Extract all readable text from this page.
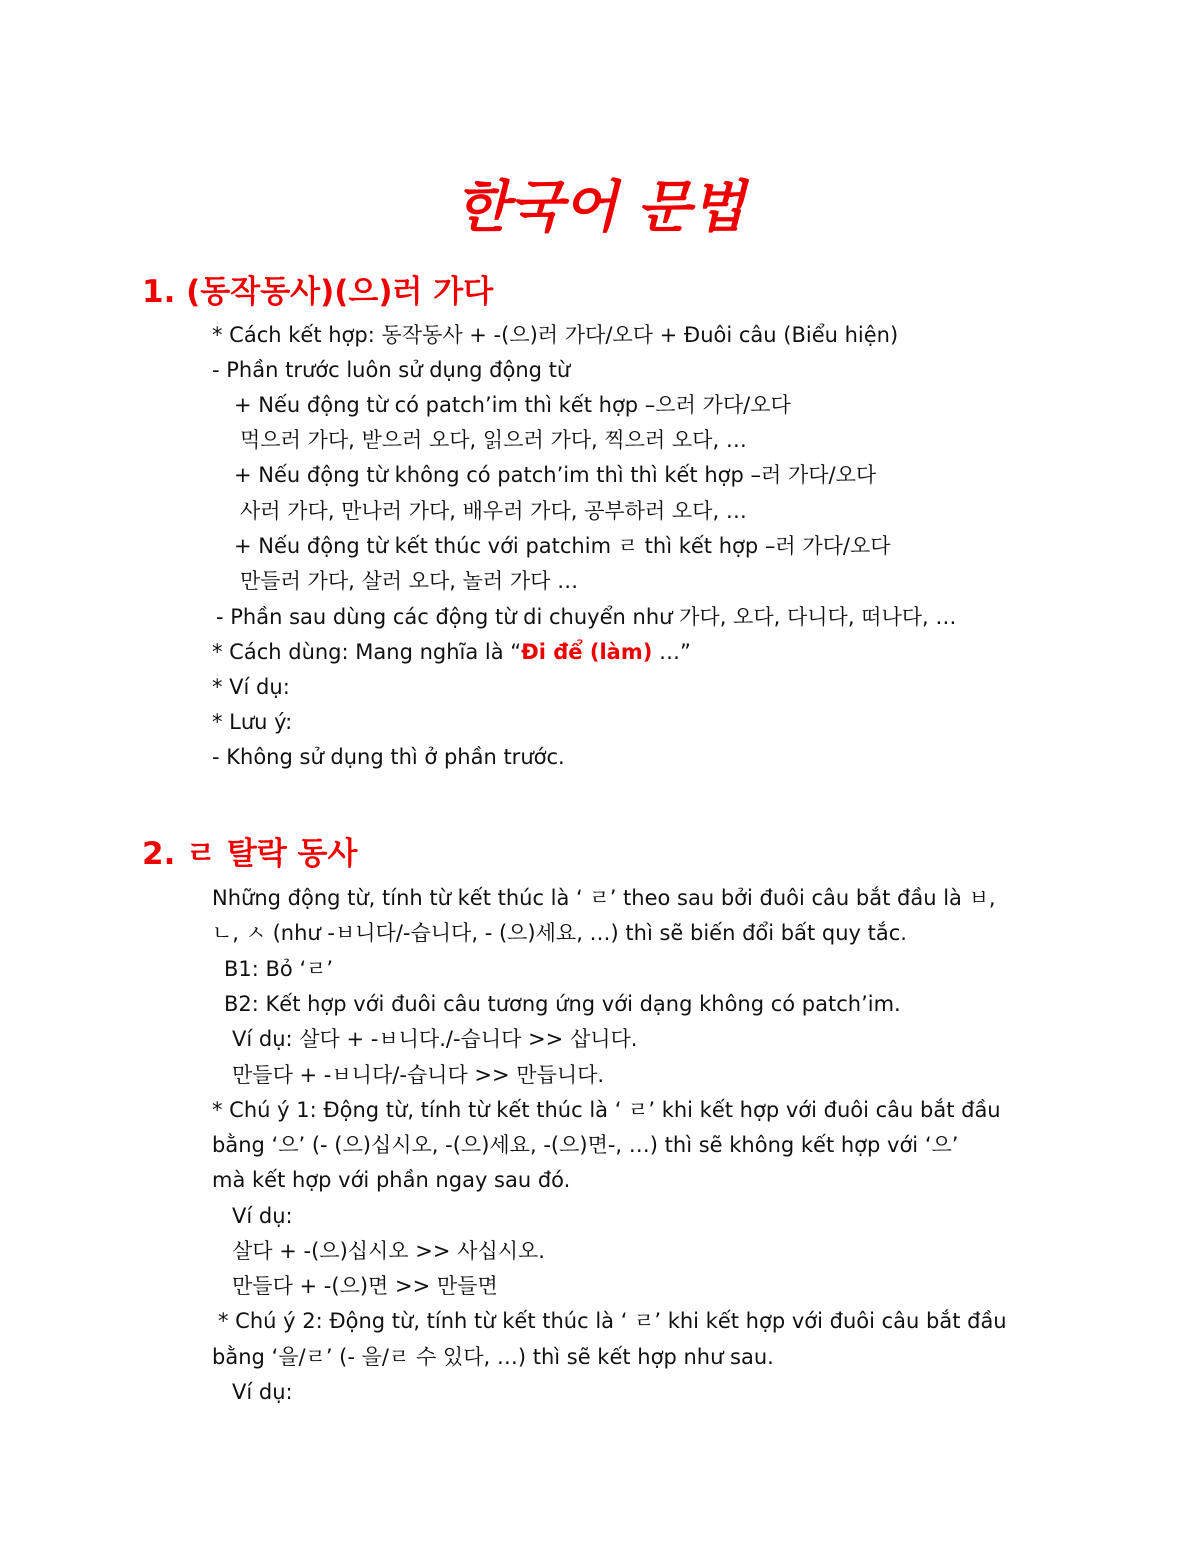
한국어 문법
1. (동작동사)(으)러 가다
* Cách kết hợp: 동작동사 + -(으)러 가다/오다 + Đuôi câu (Biểu hiện)
- Phần trước luôn sử dụng động từ
+ Nếu động từ có patch’im thì kết hợp –으러 가다/오다
먹으러 가다, 받으러 오다, 읽으러 가다, 찍으러 오다, …
+ Nếu động từ không có patch’im thì thì kết hợp –러 가다/오다
사러 가다, 만나러 가다, 배우러 가다, 공부하러 오다, …
+ Nếu động từ kết thúc với patchim ㄹ thì kết hợp –러 가다/오다
만들러 가다, 살러 오다, 놀러 가다 …
- Phần sau dùng các động từ di chuyển như 가다, 오다, 다니다, 떠나다, …
* Cách dùng: Mang nghĩa là “Đi để (làm) …”
* Ví dụ:
* Lưu ý:
- Không sử dụng thì ở phần trước.
2. ㄹ 탈락 동사
Những động từ, tính từ kết thúc là ‘ ㄹ’ theo sau bởi đuôi câu bắt đầu là ㅂ,
ㄴ, ㅅ (như -ㅂ니다/-습니다, - (으)세요, …) thì sẽ biến đổi bất quy tắc.
B1: Bỏ ‘ㄹ’
B2: Kết hợp với đuôi câu tương ứng với dạng không có patch’im.
Ví dụ: 살다 + -ㅂ니다./-습니다 >> 삽니다.
만들다 + -ㅂ니다/-습니다 >> 만듭니다.
* Chú ý 1: Động từ, tính từ kết thúc là ‘ ㄹ’ khi kết hợp với đuôi câu bắt đầu
bằng ‘으’ (- (으)십시오, -(으)세요, -(으)면-, …) thì sẽ không kết hợp với ‘으’
mà kết hợp với phần ngay sau đó.
Ví dụ:
살다 + -(으)십시오 >> 사십시오.
만들다 + -(으)면 >> 만들면
* Chú ý 2: Động từ, tính từ kết thúc là ‘ ㄹ’ khi kết hợp với đuôi câu bắt đầu
bằng ‘을/ㄹ’ (- 을/ㄹ 수 있다, …) thì sẽ kết hợp như sau.
Ví dụ:
